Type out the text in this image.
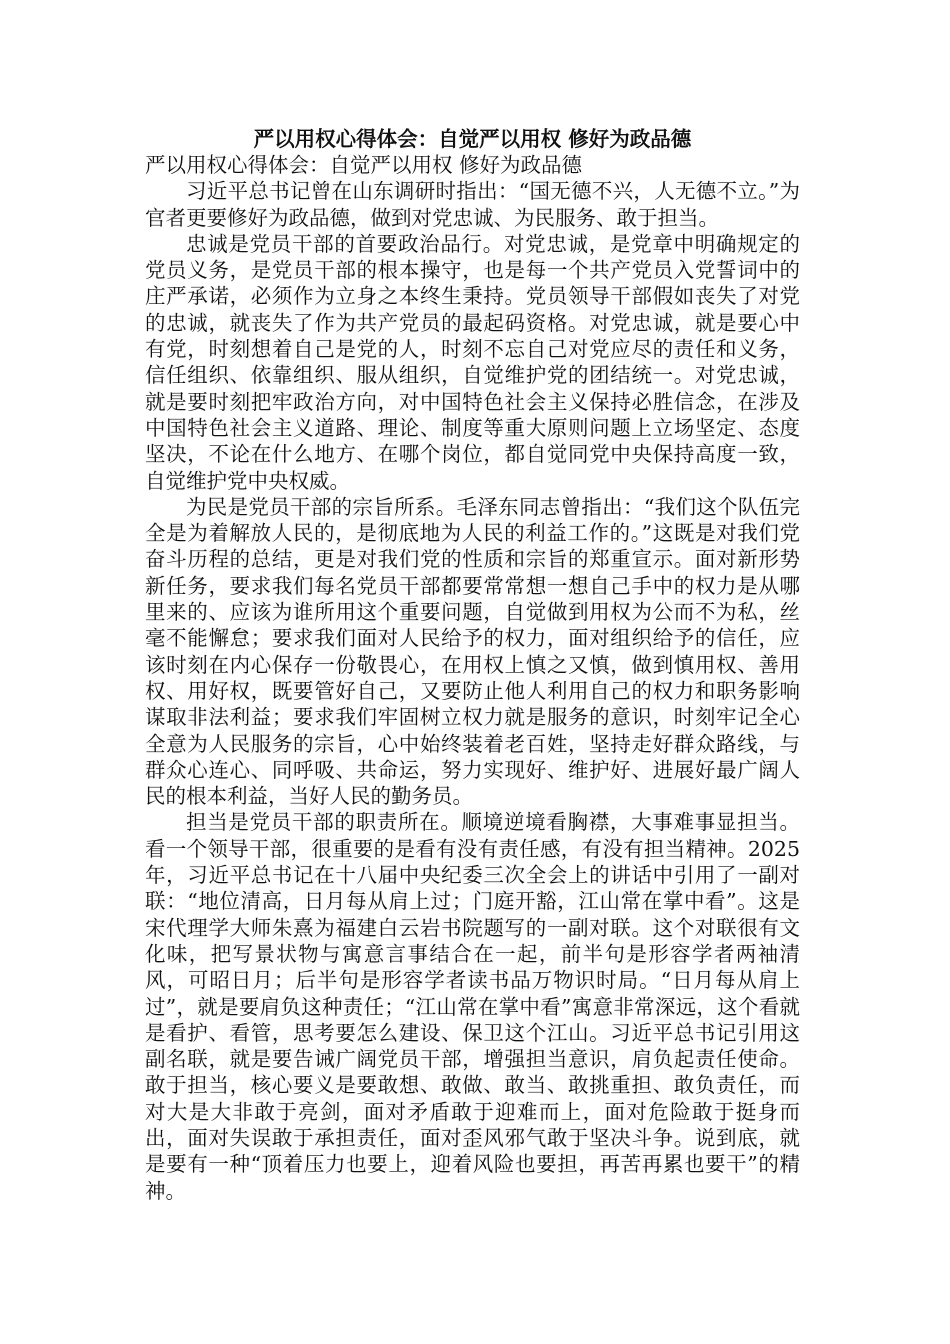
严以用权心得体会：自觉严以用权 修好为政品德

严以用权心得体会：自觉严以用权 修好为政品德

习近平总书记曾在山东调研时指出：“国无德不兴，人无德不立。”为官者更要修好为政品德，做到对党忠诚、为民服务、敢于担当。

忠诚是党员干部的首要政治品行。对党忠诚，是党章中明确规定的党员义务，是党员干部的根本操守，也是每一个共产党员入党誓词中的庄严承诺，必须作为立身之本终生秉持。党员领导干部假如丧失了对党的忠诚，就丧失了作为共产党员的最起码资格。对党忠诚，就是要心中有党，时刻想着自己是党的人，时刻不忘自己对党应尽的责任和义务，信任组织、依靠组织、服从组织，自觉维护党的团结统一。对党忠诚，就是要时刻把牢政治方向，对中国特色社会主义保持必胜信念，在涉及中国特色社会主义道路、理论、制度等重大原则问题上立场坚定、态度坚决，不论在什么地方、在哪个岗位，都自觉同党中央保持高度一致，自觉维护党中央权威。

为民是党员干部的宗旨所系。毛泽东同志曾指出：“我们这个队伍完全是为着解放人民的，是彻底地为人民的利益工作的。”这既是对我们党奋斗历程的总结，更是对我们党的性质和宗旨的郑重宣示。面对新形势新任务，要求我们每名党员干部都要常常想一想自己手中的权力是从哪里来的、应该为谁所用这个重要问题，自觉做到用权为公而不为私，丝毫不能懈怠；要求我们面对人民给予的权力，面对组织给予的信任，应该时刻在内心保存一份敬畏心，在用权上慎之又慎，做到慎用权、善用权、用好权，既要管好自己，又要防止他人利用自己的权力和职务影响谋取非法利益；要求我们牢固树立权力就是服务的意识，时刻牢记全心全意为人民服务的宗旨，心中始终装着老百姓，坚持走好群众路线，与群众心连心、同呼吸、共命运，努力实现好、维护好、进展好最广阔人民的根本利益，当好人民的勤务员。

担当是党员干部的职责所在。顺境逆境看胸襟，大事难事显担当。看一个领导干部，很重要的是看有没有责任感，有没有担当精神。2025年，习近平总书记在十八届中央纪委三次全会上的讲话中引用了一副对联：“地位清高，日月每从肩上过；门庭开豁，江山常在掌中看”。这是宋代理学大师朱熹为福建白云岩书院题写的一副对联。这个对联很有文化味，把写景状物与寓意言事结合在一起，前半句是形容学者两袖清风，可昭日月；后半句是形容学者读书品万物识时局。“日月每从肩上过”，就是要肩负这种责任；“江山常在掌中看”寓意非常深远，这个看就是看护、看管，思考要怎么建设、保卫这个江山。习近平总书记引用这副名联，就是要告诫广阔党员干部，增强担当意识，肩负起责任使命。敢于担当，核心要义是要敢想、敢做、敢当、敢挑重担、敢负责任，而对大是大非敢于亮剑，面对矛盾敢于迎难而上，面对危险敢于挺身而出，面对失误敢于承担责任，面对歪风邪气敢于坚决斗争。说到底，就是要有一种“顶着压力也要上，迎着风险也要担，再苦再累也要干”的精神。
